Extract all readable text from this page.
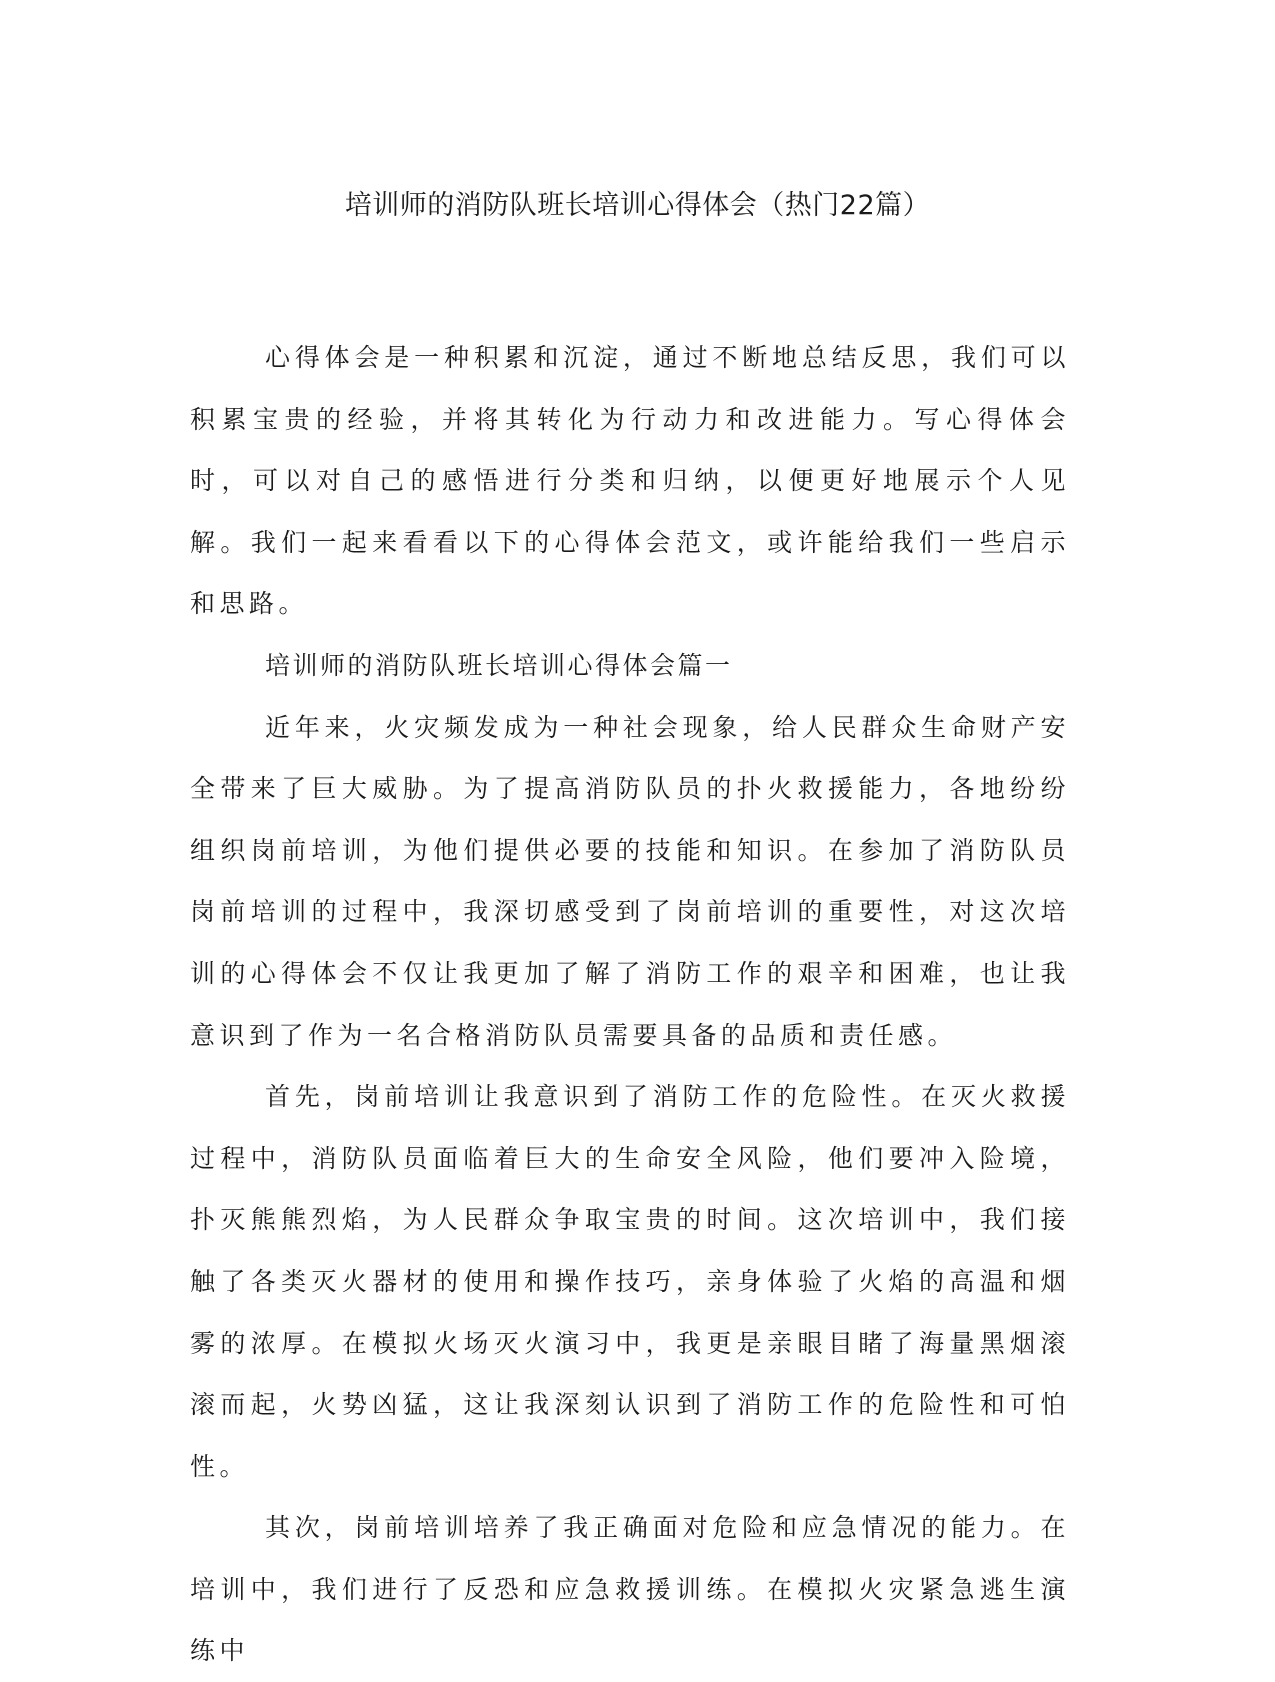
培训师的消防队班长培训心得体会（热门22篇）

心得体会是一种积累和沉淀，通过不断地总结反思，我们可以积累宝贵的经验，并将其转化为行动力和改进能力。写心得体会时，可以对自己的感悟进行分类和归纳，以便更好地展示个人见解。我们一起来看看以下的心得体会范文，或许能给我们一些启示和思路。

培训师的消防队班长培训心得体会篇一

近年来，火灾频发成为一种社会现象，给人民群众生命财产安全带来了巨大威胁。为了提高消防队员的扑火救援能力，各地纷纷组织岗前培训，为他们提供必要的技能和知识。在参加了消防队员岗前培训的过程中，我深切感受到了岗前培训的重要性，对这次培训的心得体会不仅让我更加了解了消防工作的艰辛和困难，也让我意识到了作为一名合格消防队员需要具备的品质和责任感。

首先，岗前培训让我意识到了消防工作的危险性。在灭火救援过程中，消防队员面临着巨大的生命安全风险，他们要冲入险境，扑灭熊熊烈焰，为人民群众争取宝贵的时间。这次培训中，我们接触了各类灭火器材的使用和操作技巧，亲身体验了火焰的高温和烟雾的浓厚。在模拟火场灭火演习中，我更是亲眼目睹了海量黑烟滚滚而起，火势凶猛，这让我深刻认识到了消防工作的危险性和可怕性。

其次，岗前培训培养了我正确面对危险和应急情况的能力。在培训中，我们进行了反恐和应急救援训练。在模拟火灾紧急逃生演练中
